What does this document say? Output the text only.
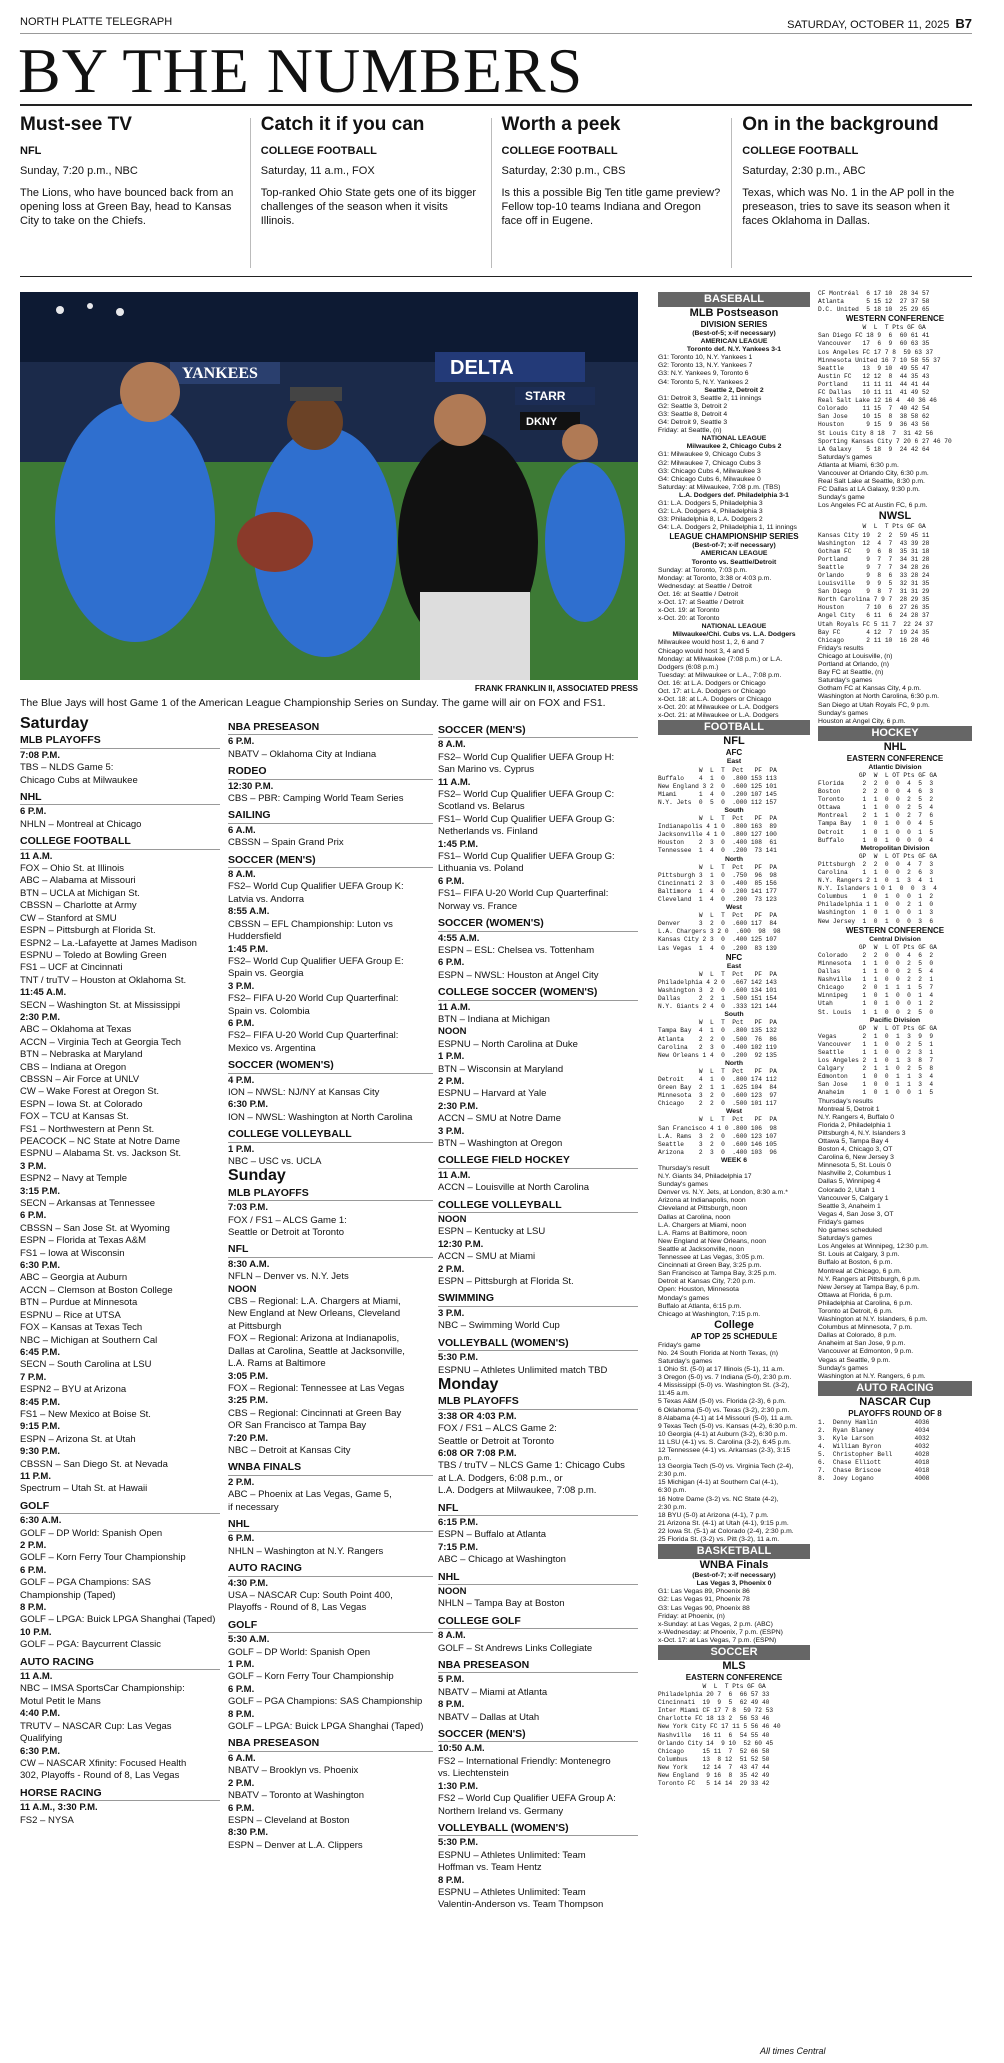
NORTH PLATTE TELEGRAPH	SATURDAY, OCTOBER 11, 2025 B7
BY THE NUMBERS
Must-see TV
NFL
Sunday, 7:20 p.m., NBC
The Lions, who have bounced back from an opening loss at Green Bay, head to Kansas City to take on the Chiefs.
Catch it if you can
COLLEGE FOOTBALL
Saturday, 11 a.m., FOX
Top-ranked Ohio State gets one of its bigger challenges of the season when it visits Illinois.
Worth a peek
COLLEGE FOOTBALL
Saturday, 2:30 p.m., CBS
Is this a possible Big Ten title game preview? Fellow top-10 teams Indiana and Oregon face off in Eugene.
On in the background
COLLEGE FOOTBALL
Saturday, 2:30 p.m., ABC
Texas, which was No. 1 in the AP poll in the preseason, tries to save its season when it faces Oklahoma in Dallas.
YANKEES	DELTA
STARR
DKNY
FRANK FRANKLIN II, ASSOCIATED PRESS
The Blue Jays will host Game 1 of the American League Championship Series on Sunday. The game will air on FOX and FS1.

Saturday

MLB PLAYOFFS

7:08 P.M.

TBS – NLDS Game 5:

Chicago Cubs at Milwaukee

NHL

6 P.M.

NHLN – Montreal at Chicago

COLLEGE FOOTBALL

11 A.M.

FOX – Ohio St. at Illinois

ABC – Alabama at Missouri

BTN – UCLA at Michigan St.

CBSSN – Charlotte at Army

CW – Stanford at SMU

ESPN – Pittsburgh at Florida St.

ESPN2 – La.-Lafayette at James Madison

ESPNU – Toledo at Bowling Green

FS1 – UCF at Cincinnati

TNT / truTV – Houston at Oklahoma St.

11:45 A.M.

SECN – Washington St. at Mississippi

2:30 P.M.

ABC – Oklahoma at Texas

ACCN – Virginia Tech at Georgia Tech

BTN – Nebraska at Maryland

CBS – Indiana at Oregon

CBSSN – Air Force at UNLV

CW – Wake Forest at Oregon St.

ESPN – Iowa St. at Colorado

FOX – TCU at Kansas St.

FS1 – Northwestern at Penn St.

PEACOCK – NC State at Notre Dame

ESPNU – Alabama St. vs. Jackson St.

3 P.M.

ESPN2 – Navy at Temple

3:15 P.M.

SECN – Arkansas at Tennessee

6 P.M.

CBSSN – San Jose St. at Wyoming

ESPN – Florida at Texas A&M

FS1 – Iowa at Wisconsin

6:30 P.M.

ABC – Georgia at Auburn

ACCN – Clemson at Boston College

BTN – Purdue at Minnesota

ESPNU – Rice at UTSA

FOX – Kansas at Texas Tech

NBC – Michigan at Southern Cal

6:45 P.M.

SECN – South Carolina at LSU

7 P.M.

ESPN2 – BYU at Arizona

8:45 P.M.

FS1 – New Mexico at Boise St.

9:15 P.M.

ESPN – Arizona St. at Utah

9:30 P.M.

CBSSN – San Diego St. at Nevada

11 P.M.

Spectrum – Utah St. at Hawaii

GOLF

6:30 A.M.

GOLF – DP World: Spanish Open

2 P.M.

GOLF – Korn Ferry Tour Championship

6 P.M.

GOLF – PGA Champions: SAS

Championship (Taped)

8 P.M.

GOLF – LPGA: Buick LPGA Shanghai (Taped)

10 P.M.

GOLF – PGA: Baycurrent Classic

AUTO RACING

11 A.M.

NBC – IMSA SportsCar Championship:

Motul Petit le Mans

4:40 P.M.

TRUTV – NASCAR Cup: Las Vegas

Qualifying

6:30 P.M.

CW – NASCAR Xfinity: Focused Health

302, Playoffs - Round of 8, Las Vegas

HORSE RACING

11 A.M., 3:30 P.M.

FS2 – NYSA

NBA PRESEASON

6 P.M.

NBATV – Oklahoma City at Indiana

RODEO

12:30 P.M.

CBS – PBR: Camping World Team Series

SAILING

6 A.M.

CBSSN – Spain Grand Prix

SOCCER (MEN'S)

8 A.M.

FS2– World Cup Qualifier UEFA Group K:

Latvia vs. Andorra

8:55 A.M.

CBSSN – EFL Championship: Luton vs

Huddersfield

1:45 P.M.

FS2– World Cup Qualifier UEFA Group E:

Spain vs. Georgia

3 P.M.

FS2– FIFA U-20 World Cup Quarterfinal:

Spain vs. Colombia

6 P.M.

FS2– FIFA U-20 World Cup Quarterfinal:

Mexico vs. Argentina

SOCCER (WOMEN'S)

4 P.M.

ION – NWSL: NJ/NY at Kansas City

6:30 P.M.

ION – NWSL: Washington at North Carolina

COLLEGE VOLLEYBALL

1 P.M.

NBC – USC vs. UCLA

Sunday

MLB PLAYOFFS

7:03 P.M.

FOX / FS1 – ALCS Game 1:

Seattle or Detroit at Toronto

NFL

8:30 A.M.

NFLN – Denver vs. N.Y. Jets

NOON

CBS – Regional: L.A. Chargers at Miami,

New England at New Orleans, Cleveland

at Pittsburgh

FOX – Regional: Arizona at Indianapolis,

Dallas at Carolina, Seattle at Jacksonville,

L.A. Rams at Baltimore

3:05 P.M.

FOX – Regional: Tennessee at Las Vegas

3:25 P.M.

CBS – Regional: Cincinnati at Green Bay

OR San Francisco at Tampa Bay

7:20 P.M.

NBC – Detroit at Kansas City

WNBA FINALS

2 P.M.

ABC – Phoenix at Las Vegas, Game 5,

if necessary

NHL

6 P.M.

NHLN – Washington at N.Y. Rangers

AUTO RACING

4:30 P.M.

USA – NASCAR Cup: South Point 400,

Playoffs - Round of 8, Las Vegas

GOLF

5:30 A.M.

GOLF – DP World: Spanish Open

1 P.M.

GOLF – Korn Ferry Tour Championship

6 P.M.

GOLF – PGA Champions: SAS Championship

8 P.M.

GOLF – LPGA: Buick LPGA Shanghai (Taped)

NBA PRESEASON

6 A.M.

NBATV – Brooklyn vs. Phoenix

2 P.M.

NBATV – Toronto at Washington

6 P.M.

ESPN – Cleveland at Boston

8:30 P.M.

ESPN – Denver at L.A. Clippers

SOCCER (MEN'S)

8 A.M.

FS2– World Cup Qualifier UEFA Group H:

San Marino vs. Cyprus

11 A.M.

FS2– World Cup Qualifier UEFA Group C:

Scotland vs. Belarus

FS1– World Cup Qualifier UEFA Group G:

Netherlands vs. Finland

1:45 P.M.

FS1– World Cup Qualifier UEFA Group G:

Lithuania vs. Poland

6 P.M.

FS1– FIFA U-20 World Cup Quarterfinal:

Norway vs. France

SOCCER (WOMEN'S)

4:55 A.M.

ESPN – ESL: Chelsea vs. Tottenham

6 P.M.

ESPN – NWSL: Houston at Angel City

COLLEGE SOCCER (WOMEN'S)

11 A.M.

BTN – Indiana at Michigan

NOON

ESPNU – North Carolina at Duke

1 P.M.

BTN – Wisconsin at Maryland

2 P.M.

ESPNU – Harvard at Yale

2:30 P.M.

ACCN – SMU at Notre Dame

3 P.M.

BTN – Washington at Oregon

COLLEGE FIELD HOCKEY

11 A.M.

ACCN – Louisville at North Carolina

COLLEGE VOLLEYBALL

NOON

ESPN – Kentucky at LSU

12:30 P.M.

ACCN – SMU at Miami

2 P.M.

ESPN – Pittsburgh at Florida St.

SWIMMING

3 P.M.

NBC – Swimming World Cup

VOLLEYBALL (WOMEN'S)

5:30 P.M.

ESPNU – Athletes Unlimited match TBD

Monday

MLB PLAYOFFS

3:38 OR 4:03 P.M.

FOX / FS1 – ALCS Game 2:

Seattle or Detroit at Toronto

6:08 OR 7:08 P.M.

TBS / truTV – NLCS Game 1: Chicago Cubs

at L.A. Dodgers, 6:08 p.m., or

L.A. Dodgers at Milwaukee, 7:08 p.m.

NFL

6:15 P.M.

ESPN – Buffalo at Atlanta

7:15 P.M.

ABC – Chicago at Washington

NHL

NOON

NHLN – Tampa Bay at Boston

COLLEGE GOLF

8 A.M.

GOLF – St Andrews Links Collegiate

NBA PRESEASON

5 P.M.

NBATV – Miami at Atlanta

8 P.M.

NBATV – Dallas at Utah

SOCCER (MEN'S)

10:50 A.M.

FS2 – International Friendly: Montenegro

vs. Liechtenstein

1:30 P.M.

FS2 – World Cup Qualifier UEFA Group A:

Northern Ireland vs. Germany

VOLLEYBALL (WOMEN'S)

5:30 P.M.

ESPNU – Athletes Unlimited: Team

Hoffman vs. Team Hentz

8 P.M.

ESPNU – Athletes Unlimited: Team

Valentin-Anderson vs. Team Thompson

BASEBALL
MLB Postseason
DIVISION SERIES
(Best-of-5; x-if necessary)
AMERICAN LEAGUE
Toronto def. N.Y. Yankees 3-1

G1: Toronto 10, N.Y. Yankees 1

G2: Toronto 13, N.Y. Yankees 7

G3: N.Y. Yankees 9, Toronto 6

G4: Toronto 5, N.Y. Yankees 2

Seattle 2, Detroit 2

G1: Detroit 3, Seattle 2, 11 innings

G2: Seattle 3, Detroit 2

G3: Seattle 8, Detroit 4

G4: Detroit 9, Seattle 3

Friday: at Seattle, (n)

NATIONAL LEAGUE
Milwaukee 2, Chicago Cubs 2

G1: Milwaukee 9, Chicago Cubs 3

G2: Milwaukee 7, Chicago Cubs 3

G3: Chicago Cubs 4, Milwaukee 3

G4: Chicago Cubs 6, Milwaukee 0

Saturday: at Milwaukee, 7:08 p.m. (TBS)

L.A. Dodgers def. Philadelphia 3-1

G1: L.A. Dodgers 5, Philadelphia 3

G2: L.A. Dodgers 4, Philadelphia 3

G3: Philadelphia 8, L.A. Dodgers 2

G4: L.A. Dodgers 2, Philadelphia 1, 11 innings

LEAGUE CHAMPIONSHIP SERIES
(Best-of-7; x-if necessary)
AMERICAN LEAGUE
Toronto vs. Seattle/Detroit

Sunday: at Toronto, 7:03 p.m.

Monday: at Toronto, 3:38 or 4:03 p.m.

Wednesday: at Seattle / Detroit

Oct. 16: at Seattle / Detroit

x-Oct. 17: at Seattle / Detroit

x-Oct. 19: at Toronto

x-Oct. 20: at Toronto

NATIONAL LEAGUE
Milwaukee/Chi. Cubs vs. L.A. Dodgers

Milwaukee would host 1, 2, 6 and 7

Chicago would host 3, 4 and 5

Monday: at Milwaukee (7:08 p.m.) or L.A.

Dodgers (6:08 p.m.)

Tuesday: at Milwaukee or L.A., 7:08 p.m.

Oct. 16: at L.A. Dodgers or Chicago

Oct. 17: at L.A. Dodgers or Chicago

x-Oct. 18: at L.A. Dodgers or Chicago

x-Oct. 20: at Milwaukee or L.A. Dodgers

x-Oct. 21: at Milwaukee or L.A. Dodgers

FOOTBALL
NFL
AFC
East
W  L  T  Pct   PF  PA
Buffalo    4  1  0  .800 153 113
New England 3 2  0  .600 125 101
Miami      1  4  0  .200 107 145
N.Y. Jets  0  5  0  .000 112 157
South
W  L  T  Pct   PF  PA
Indianapolis 4 1 0  .800 163  89
Jacksonville 4 1 0  .800 127 100
Houston    2  3  0  .400 108  61
Tennessee  1  4  0  .200  73 141
North
W  L  T  Pct   PF  PA
Pittsburgh 3  1  0  .750  96  98
Cincinnati 2  3  0  .400  85 156
Baltimore  1  4  0  .200 141 177
Cleveland  1  4  0  .200  73 123
West
W  L  T  Pct   PF  PA
Denver     3  2  0  .600 117  84
L.A. Chargers 3 2 0  .600  98  98
Kansas City 2 3  0  .400 125 107
Las Vegas  1  4  0  .200  83 139
NFC
East
W  L  T  Pct   PF  PA
Philadelphia 4 2 0  .667 142 143
Washington 3  2  0  .600 134 101
Dallas     2  2  1  .500 151 154
N.Y. Giants 2 4  0  .333 121 144
South
W  L  T  Pct   PF  PA
Tampa Bay  4  1  0  .800 135 132
Atlanta    2  2  0  .500  76  86
Carolina   2  3  0  .400 102 119
New Orleans 1 4  0  .200  92 135
North
W  L  T  Pct   PF  PA
Detroit    4  1  0  .800 174 112
Green Bay  2  1  1  .625 104  84
Minnesota  3  2  0  .600 123  97
Chicago    2  2  0  .500 101 117
West
W  L  T  Pct   PF  PA
San Francisco 4 1 0 .800 106  98
L.A. Rams  3  2  0  .600 123 107
Seattle    3  2  0  .600 146 105
Arizona    2  3  0  .400 103  96
WEEK 6

Thursday's result

N.Y. Giants 34, Philadelphia 17

Sunday's games

Denver vs. N.Y. Jets, at London, 8:30 a.m.*

Arizona at Indianapolis, noon

Cleveland at Pittsburgh, noon

Dallas at Carolina, noon

L.A. Chargers at Miami, noon

L.A. Rams at Baltimore, noon

New England at New Orleans, noon

Seattle at Jacksonville, noon

Tennessee at Las Vegas, 3:05 p.m.

Cincinnati at Green Bay, 3:25 p.m.

San Francisco at Tampa Bay, 3:25 p.m.

Detroit at Kansas City, 7:20 p.m.

Open: Houston, Minnesota

Monday's games

Buffalo at Atlanta, 6:15 p.m.

Chicago at Washington, 7:15 p.m.

College
AP TOP 25 SCHEDULE

Friday's game

No. 24 South Florida at North Texas, (n)

Saturday's games

1 Ohio St. (5-0) at 17 Illinois (5-1), 11 a.m.

3 Oregon (5-0) vs. 7 Indiana (5-0), 2:30 p.m.

4 Mississippi (5-0) vs. Washington St. (3-2),

11:45 a.m.

5 Texas A&M (5-0) vs. Florida (2-3), 6 p.m.

6 Oklahoma (5-0) vs. Texas (3-2), 2:30 p.m.

8 Alabama (4-1) at 14 Missouri (5-0), 11 a.m.

9 Texas Tech (5-0) vs. Kansas (4-2), 6:30 p.m.

10 Georgia (4-1) at Auburn (3-2), 6:30 p.m.

11 LSU (4-1) vs. S. Carolina (3-2), 6:45 p.m.

12 Tennessee (4-1) vs. Arkansas (2-3), 3:15

p.m.

13 Georgia Tech (5-0) vs. Virginia Tech (2-4),

2:30 p.m.

15 Michigan (4-1) at Southern Cal (4-1),

6:30 p.m.

16 Notre Dame (3-2) vs. NC State (4-2),

2:30 p.m.

18 BYU (5-0) at Arizona (4-1), 7 p.m.

21 Arizona St. (4-1) at Utah (4-1), 9:15 p.m.

22 Iowa St. (5-1) at Colorado (2-4), 2:30 p.m.

25 Florida St. (3-2) vs. Pitt (3-2), 11 a.m.

BASKETBALL
WNBA Finals
(Best-of-7; x-if necessary)
Las Vegas 3, Phoenix 0

G1: Las Vegas 89, Phoenix 86

G2: Las Vegas 91, Phoenix 78

G3: Las Vegas 90, Phoenix 88

Friday: at Phoenix, (n)

x-Sunday: at Las Vegas, 2 p.m. (ABC)

x-Wednesday: at Phoenix, 7 p.m. (ESPN)

x-Oct. 17: at Las Vegas, 7 p.m. (ESPN)

SOCCER
MLS
EASTERN CONFERENCE
W  L  T Pts GF GA
Philadelphia 20 7  6  66 57 33
Cincinnati  19  9  5  62 49 40
Inter Miami CF 17 7 8  59 72 53
Charlotte FC 18 13 2  56 53 46
New York City FC 17 11 5 56 46 40
Nashville   16 11  6  54 55 40
Orlando City 14  9 10  52 60 45
Chicago     15 11  7  52 66 58
Columbus    13  8 12  51 52 50
New York    12 14  7  43 47 44
New England  9 16  8  35 42 49
Toronto FC   5 14 14  29 33 42
CF Montréal  6 17 10  28 34 57
Atlanta      5 15 12  27 37 58
D.C. United  5 18 10  25 29 65
WESTERN CONFERENCE
W  L  T Pts GF GA
San Diego FC 18 9  6  60 61 41
Vancouver   17  6  9  60 63 35
Los Angeles FC 17 7 8  59 63 37
Minnesota United 16 7 10 58 55 37
Seattle     13  9 10  49 55 47
Austin FC   12 12  8  44 35 43
Portland    11 11 11  44 41 44
FC Dallas   10 11 11  41 49 52
Real Salt Lake 12 16 4  40 36 46
Colorado    11 15  7  40 42 54
San Jose    10 15  8  38 58 62
Houston      9 15  9  36 43 56
St Louis City 8 18  7  31 42 56
Sporting Kansas City 7 20 6 27 46 70
LA Galaxy    5 18  9  24 42 64

Saturday's games

Atlanta at Miami, 6:30 p.m.

Vancouver at Orlando City, 6:30 p.m.

Real Salt Lake at Seattle, 8:30 p.m.

FC Dallas at LA Galaxy, 9:30 p.m.

Sunday's game

Los Angeles FC at Austin FC, 6 p.m.

NWSL
W  L  T Pts GF GA
Kansas City 19  2  2  59 45 11
Washington  12  4  7  43 39 28
Gotham FC    9  6  8  35 31 18
Portland     9  7  7  34 31 28
Seattle      9  7  7  34 28 26
Orlando      9  8  6  33 28 24
Louisville   9  9  5  32 31 35
San Diego    9  8  7  31 31 29
North Carolina 7 9 7  28 29 35
Houston      7 10  6  27 26 35
Angel City   6 11  6  24 28 37
Utah Royals FC 5 11 7  22 24 37
Bay FC       4 12  7  19 24 35
Chicago      2 11 10  16 28 46

Friday's results

Chicago at Louisville, (n)

Portland at Orlando, (n)

Bay FC at Seattle, (n)

Saturday's games

Gotham FC at Kansas City, 4 p.m.

Washington at North Carolina, 6:30 p.m.

San Diego at Utah Royals FC, 9 p.m.

Sunday's games

Houston at Angel City, 6 p.m.

HOCKEY
NHL
EASTERN CONFERENCE
Atlantic Division
GP  W  L OT Pts GF GA
Florida     2  2  0  0  4  5  3
Boston      2  2  0  0  4  6  3
Toronto     1  1  0  0  2  5  2
Ottawa      1  1  0  0  2  5  4
Montreal    2  1  1  0  2  7  6
Tampa Bay   1  0  1  0  0  4  5
Detroit     1  0  1  0  0  1  5
Buffalo     1  0  1  0  0  0  4
Metropolitan Division
GP  W  L OT Pts GF GA
Pittsburgh  2  2  0  0  4  7  3
Carolina    1  1  0  0  2  6  3
N.Y. Rangers 2 1  0  1  3  4  1
N.Y. Islanders 1 0 1  0  0  3  4
Columbus    1  0  1  0  0  1  2
Philadelphia 1 1  0  0  2  1  0
Washington  1  0  1  0  0  1  3
New Jersey  1  0  1  0  0  3  6
WESTERN CONFERENCE
Central Division
GP  W  L OT Pts GF GA
Colorado    2  2  0  0  4  6  2
Minnesota   1  1  0  0  2  5  0
Dallas      1  1  0  0  2  5  4
Nashville   1  1  0  0  2  2  1
Chicago     2  0  1  1  1  5  7
Winnipeg    1  0  1  0  0  1  4
Utah        1  0  1  0  0  1  2
St. Louis   1  1  0  0  2  5  0
Pacific Division
GP  W  L OT Pts GF GA
Vegas       2  1  0  1  3  9  9
Vancouver   1  1  0  0  2  5  1
Seattle     1  1  0  0  2  3  1
Los Angeles 2  1  0  1  3  8  7
Calgary     2  1  1  0  2  5  8
Edmonton    1  0  0  1  1  3  4
San Jose    1  0  0  1  1  3  4
Anaheim     1  0  1  0  0  1  5

Thursday's results

Montreal 5, Detroit 1

N.Y. Rangers 4, Buffalo 0

Florida 2, Philadelphia 1

Pittsburgh 4, N.Y. Islanders 3

Ottawa 5, Tampa Bay 4

Boston 4, Chicago 3, OT

Carolina 6, New Jersey 3

Minnesota 5, St. Louis 0

Nashville 2, Columbus 1

Dallas 5, Winnipeg 4

Colorado 2, Utah 1

Vancouver 5, Calgary 1

Seattle 3, Anaheim 1

Vegas 4, San Jose 3, OT

Friday's games

No games scheduled

Saturday's games

Los Angeles at Winnipeg, 12:30 p.m.

St. Louis at Calgary, 3 p.m.

Buffalo at Boston, 6 p.m.

Montreal at Chicago, 6 p.m.

N.Y. Rangers at Pittsburgh, 6 p.m.

New Jersey at Tampa Bay, 6 p.m.

Ottawa at Florida, 6 p.m.

Philadelphia at Carolina, 6 p.m.

Toronto at Detroit, 6 p.m.

Washington at N.Y. Islanders, 6 p.m.

Columbus at Minnesota, 7 p.m.

Dallas at Colorado, 8 p.m.

Anaheim at San Jose, 9 p.m.

Vancouver at Edmonton, 9 p.m.

Vegas at Seattle, 9 p.m.

Sunday's games

Washington at N.Y. Rangers, 6 p.m.

AUTO RACING
NASCAR Cup
PLAYOFFS ROUND OF 8
1.  Denny Hamlin          4036
2.  Ryan Blaney           4034
3.  Kyle Larson           4032
4.  William Byron         4032
5.  Christopher Bell      4028
6.  Chase Elliott         4018
7.  Chase Briscoe         4018
8.  Joey Logano           4008
All times Central
